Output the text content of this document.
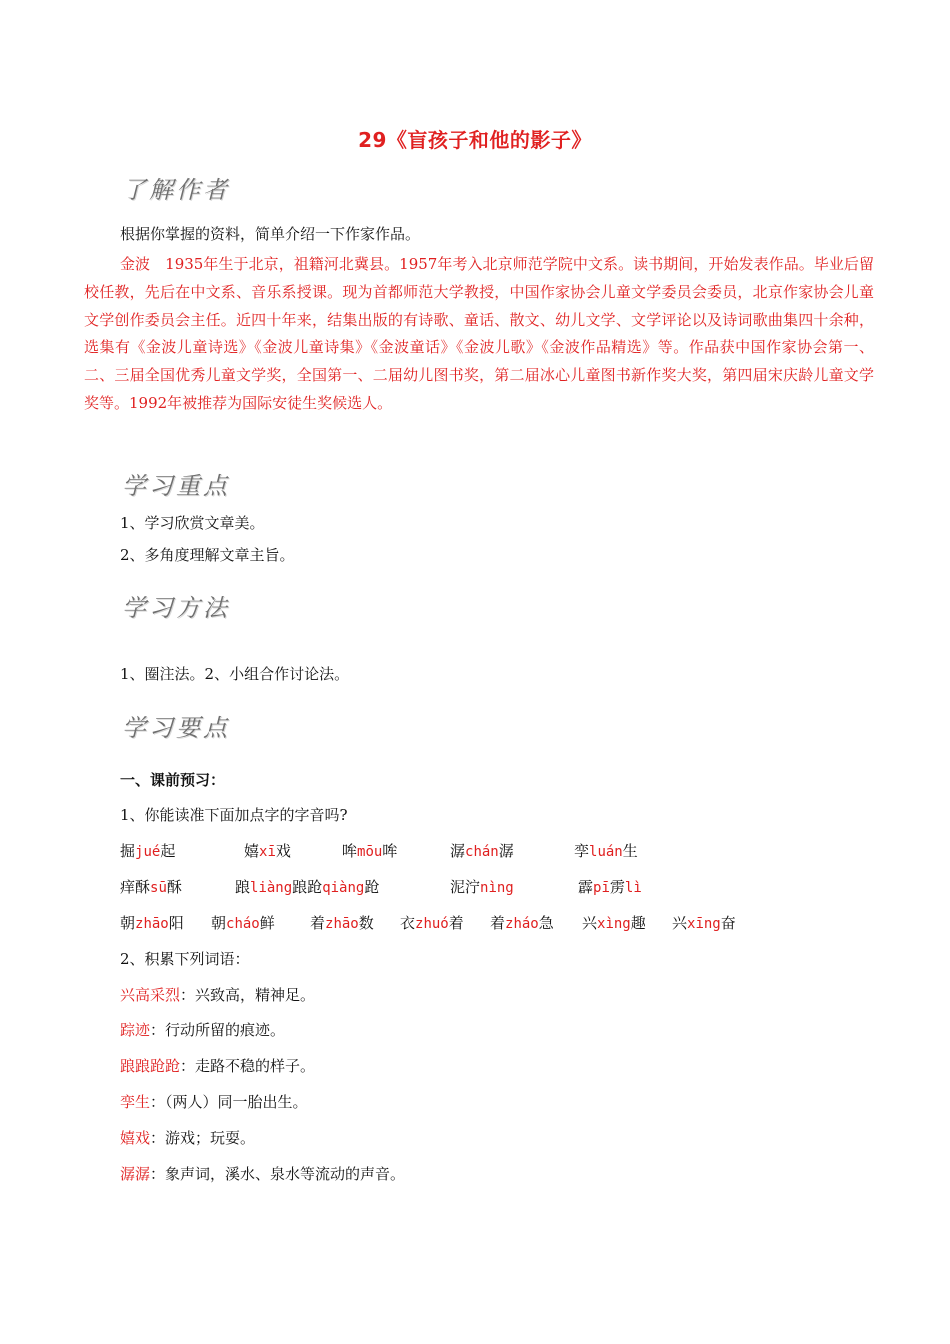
29《盲孩子和他的影子》
了解作者
根据你掌握的资料，简单介绍一下作家作品。
金波　1935年生于北京，祖籍河北冀县。1957年考入北京师范学院中文系。读书期间，开始发表作品。毕业后留校任教，先后在中文系、音乐系授课。现为首都师范大学教授，中国作家协会儿童文学委员会委员，北京作家协会儿童文学创作委员会主任。近四十年来，结集出版的有诗歌、童话、散文、幼儿文学、文学评论以及诗词歌曲集四十余种，选集有《金波儿童诗选》《金波儿童诗集》《金波童话》《金波儿歌》《金波作品精选》等。作品获中国作家协会第一、二、三届全国优秀儿童文学奖，全国第一、二届幼儿图书奖，第二届冰心儿童图书新作奖大奖，第四届宋庆龄儿童文学奖等。1992年被推荐为国际安徒生奖候选人。
学习重点
1、学习欣赏文章美。
2、多角度理解文章主旨。
学习方法
1、圈注法。2、小组合作讨论法。
学习要点
一、课前预习：
1、你能读准下面加点字的字音吗?
掘jué起	嬉xī戏	哞mōu哞	潺chán潺	孪luán生
痒酥sū酥	踉liàng踉跄qiàng跄	泥泞nìng	霹pī雳lì
朝zhāo阳 朝cháo鲜 着zhāo数 衣zhuó着 着zháo急 兴xìng趣 兴xīng奋
2、积累下列词语：
兴高采烈：兴致高，精神足。
踪迹：行动所留的痕迹。
踉踉跄跄：走路不稳的样子。
孪生：（两人）同一胎出生。
嬉戏：游戏；玩耍。
潺潺：象声词，溪水、泉水等流动的声音。
